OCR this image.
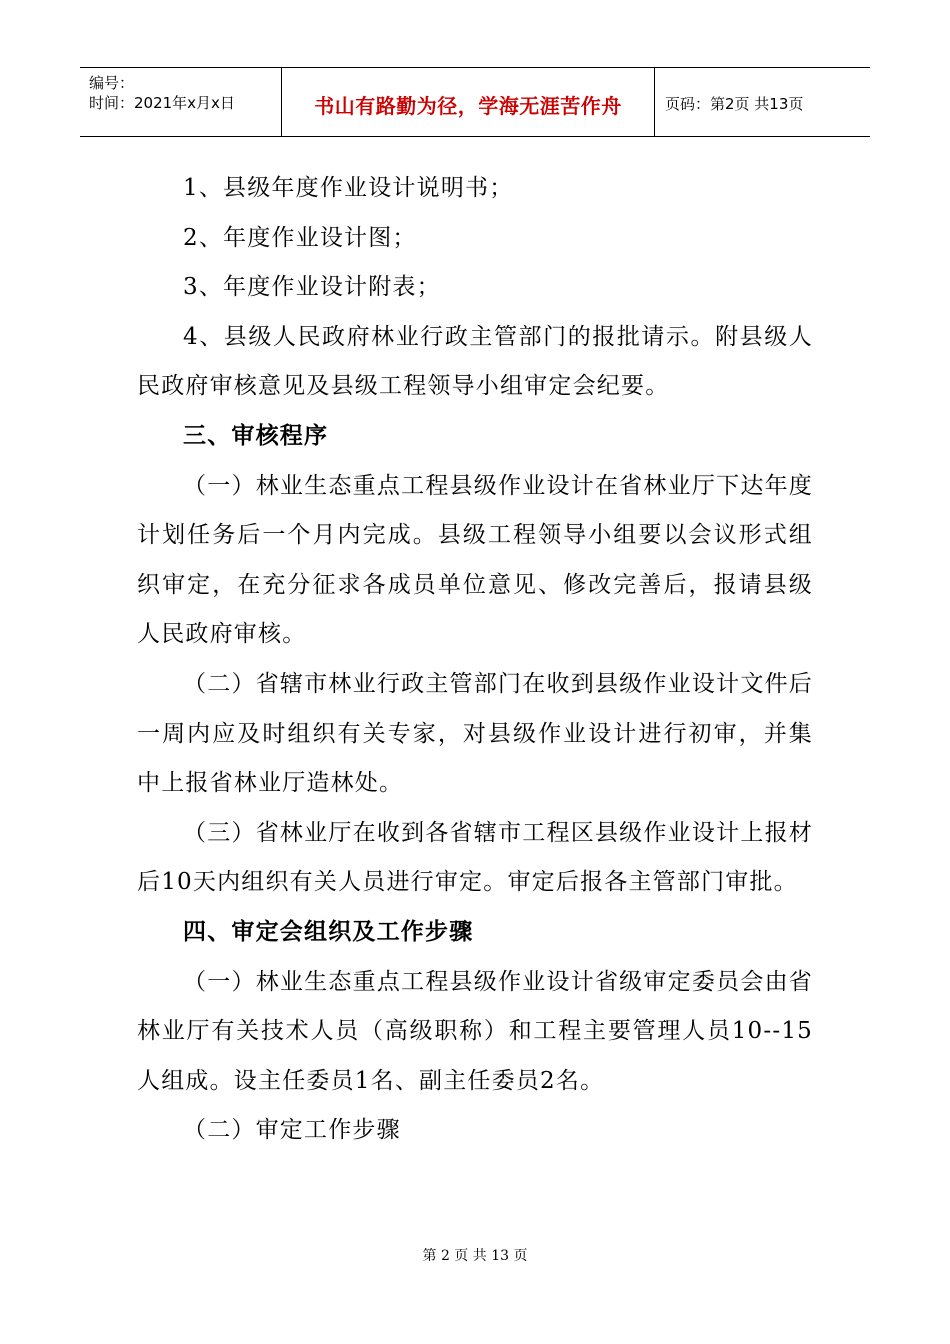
编号：
时间：2021年x月x日	书山有路勤为径，学海无涯苦作舟	页码：第2页 共13页

1、县级年度作业设计说明书；

2、年度作业设计图；

3、年度作业设计附表；

4、县级人民政府林业行政主管部门的报批请示。附县级人民政府审核意见及县级工程领导小组审定会纪要。

三、审核程序

（一）林业生态重点工程县级作业设计在省林业厅下达年度计划任务后一个月内完成。县级工程领导小组要以会议形式组织审定，在充分征求各成员单位意见、修改完善后，报请县级人民政府审核。

（二）省辖市林业行政主管部门在收到县级作业设计文件后一周内应及时组织有关专家，对县级作业设计进行初审，并集中上报省林业厅造林处。

（三）省林业厅在收到各省辖市工程区县级作业设计上报材后10天内组织有关人员进行审定。审定后报各主管部门审批。

四、审定会组织及工作步骤

（一）林业生态重点工程县级作业设计省级审定委员会由省林业厅有关技术人员（高级职称）和工程主要管理人员10--15人组成。设主任委员1名、副主任委员2名。

（二）审定工作步骤

第 2 页 共 13 页
